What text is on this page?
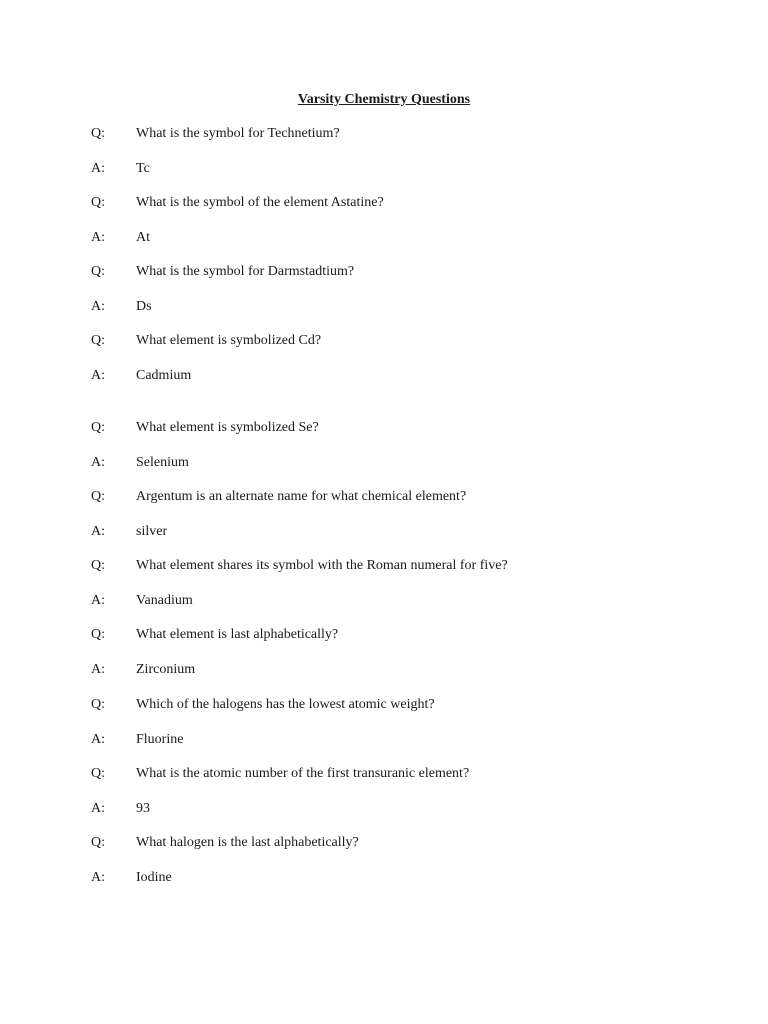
Varsity Chemistry Questions
Q: What is the symbol for Technetium?
A: Tc
Q: What is the symbol of the element Astatine?
A: At
Q: What is the symbol for Darmstadtium?
A: Ds
Q: What element is symbolized Cd?
A: Cadmium
Q: What element is symbolized Se?
A: Selenium
Q: Argentum is an alternate name for what chemical element?
A: silver
Q: What element shares its symbol with the Roman numeral for five?
A: Vanadium
Q: What element is last alphabetically?
A: Zirconium
Q: Which of the halogens has the lowest atomic weight?
A: Fluorine
Q: What is the atomic number of the first transuranic element?
A: 93
Q: What halogen is the last alphabetically?
A: Iodine
